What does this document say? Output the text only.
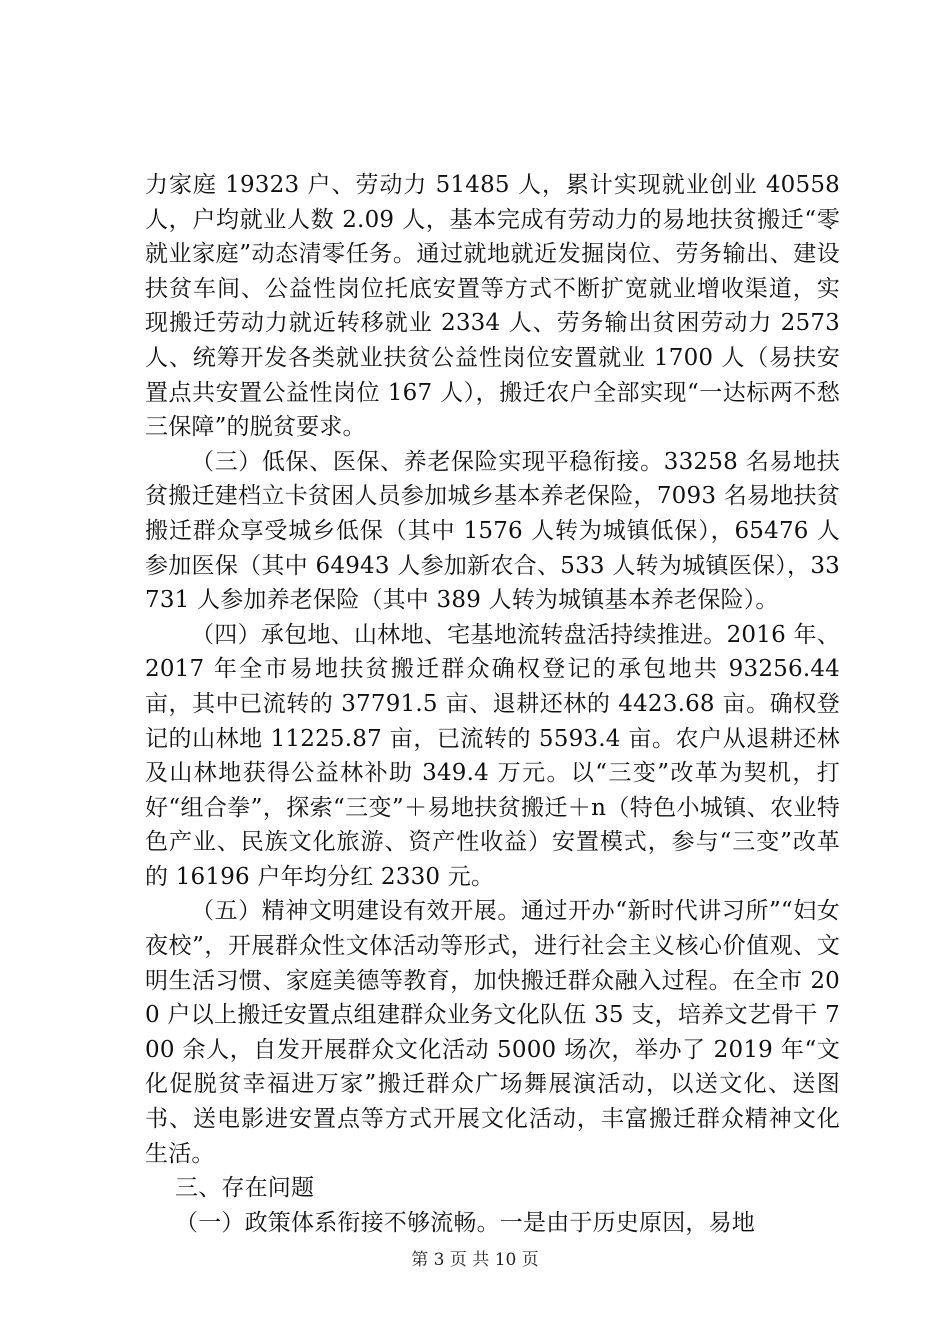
力家庭 19323 户、劳动力 51485 人，累计实现就业创业 40558 人，户均就业人数 2.09 人，基本完成有劳动力的易地扶贫搬迁“零就业家庭”动态清零任务。通过就地就近发掘岗位、劳务输出、建设扶贫车间、公益性岗位托底安置等方式不断扩宽就业增收渠道，实现搬迁劳动力就近转移就业 2334 人、劳务输出贫困劳动力 2573 人、统筹开发各类就业扶贫公益性岗位安置就业 1700 人（易扶安置点共安置公益性岗位 167 人），搬迁农户全部实现“一达标两不愁三保障”的脱贫要求。

（三）低保、医保、养老保险实现平稳衔接。33258 名易地扶贫搬迁建档立卡贫困人员参加城乡基本养老保险，7093 名易地扶贫搬迁群众享受城乡低保（其中 1576 人转为城镇低保），65476 人参加医保（其中 64943 人参加新农合、533 人转为城镇医保），33731 人参加养老保险（其中 389 人转为城镇基本养老保险）。

（四）承包地、山林地、宅基地流转盘活持续推进。2016 年、2017 年全市易地扶贫搬迁群众确权登记的承包地共 93256.44 亩，其中已流转的 37791.5 亩、退耕还林的 4423.68 亩。确权登记的山林地 11225.87 亩，已流转的 5593.4 亩。农户从退耕还林及山林地获得公益林补助 349.4 万元。以“三变”改革为契机，打好“组合拳”，探索“三变”＋易地扶贫搬迁＋n（特色小城镇、农业特色产业、民族文化旅游、资产性收益）安置模式，参与“三变”改革的 16196 户年均分红 2330 元。

（五）精神文明建设有效开展。通过开办“新时代讲习所”“妇女夜校”，开展群众性文体活动等形式，进行社会主义核心价值观、文明生活习惯、家庭美德等教育，加快搬迁群众融入过程。在全市 200 户以上搬迁安置点组建群众业务文化队伍 35 支，培养文艺骨干 700 余人，自发开展群众文化活动 5000 场次，举办了 2019 年“文化促脱贫幸福进万家”搬迁群众广场舞展演活动，以送文化、送图书、送电影进安置点等方式开展文化活动，丰富搬迁群众精神文化生活。

三、存在问题

（一）政策体系衔接不够流畅。一是由于历史原因，易地

第 3 页 共 10 页
